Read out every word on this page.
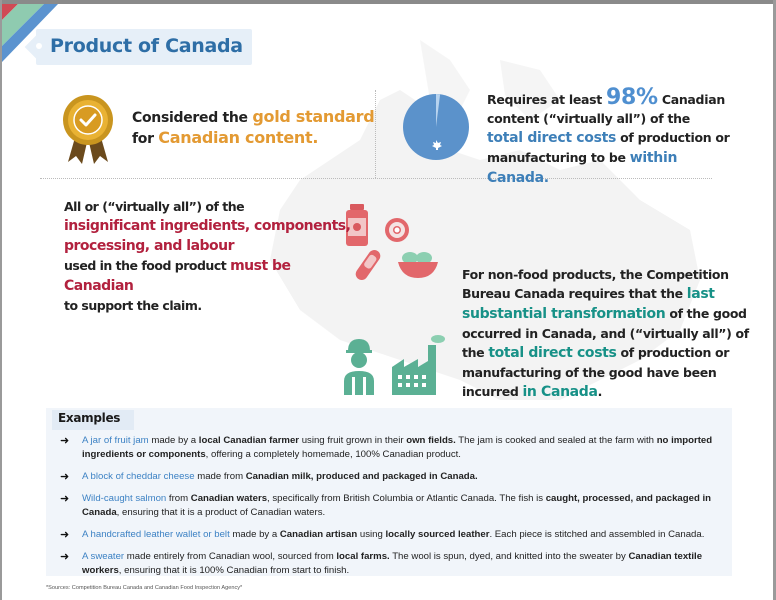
Product of Canada
Considered the gold standard
for Canadian content.
Requires at least 98% Canadian content (“virtually all”) of the
total direct costs of production or manufacturing to be within Canada.
All or (“virtually all”) of the
insignificant ingredients, components, processing, and labour
used in the food product must be Canadian
to support the claim.
For non-food products, the Competition Bureau Canada requires that the last substantial transformation of the good occurred in Canada, and (“virtually all”) of the total direct costs of production or manufacturing of the good have been incurred in Canada.
Examples
➜ A jar of fruit jam made by a local Canadian farmer using fruit grown in their own fields. The jam is cooked and sealed at the farm with no imported ingredients or components, offering a completely homemade, 100% Canadian product.
➜ A block of cheddar cheese made from Canadian milk, produced and packaged in Canada.
➜ Wild-caught salmon from Canadian waters, specifically from British Columbia or Atlantic Canada. The fish is caught, processed, and packaged in Canada, ensuring that it is a product of Canadian waters.
➜ A handcrafted leather wallet or belt made by a Canadian artisan using locally sourced leather. Each piece is stitched and assembled in Canada.
➜ A sweater made entirely from Canadian wool, sourced from local farms. The wool is spun, dyed, and knitted into the sweater by Canadian textile workers, ensuring that it is 100% Canadian from start to finish.
*Sources: Competition Bureau Canada and Canadian Food Inspection Agency*
